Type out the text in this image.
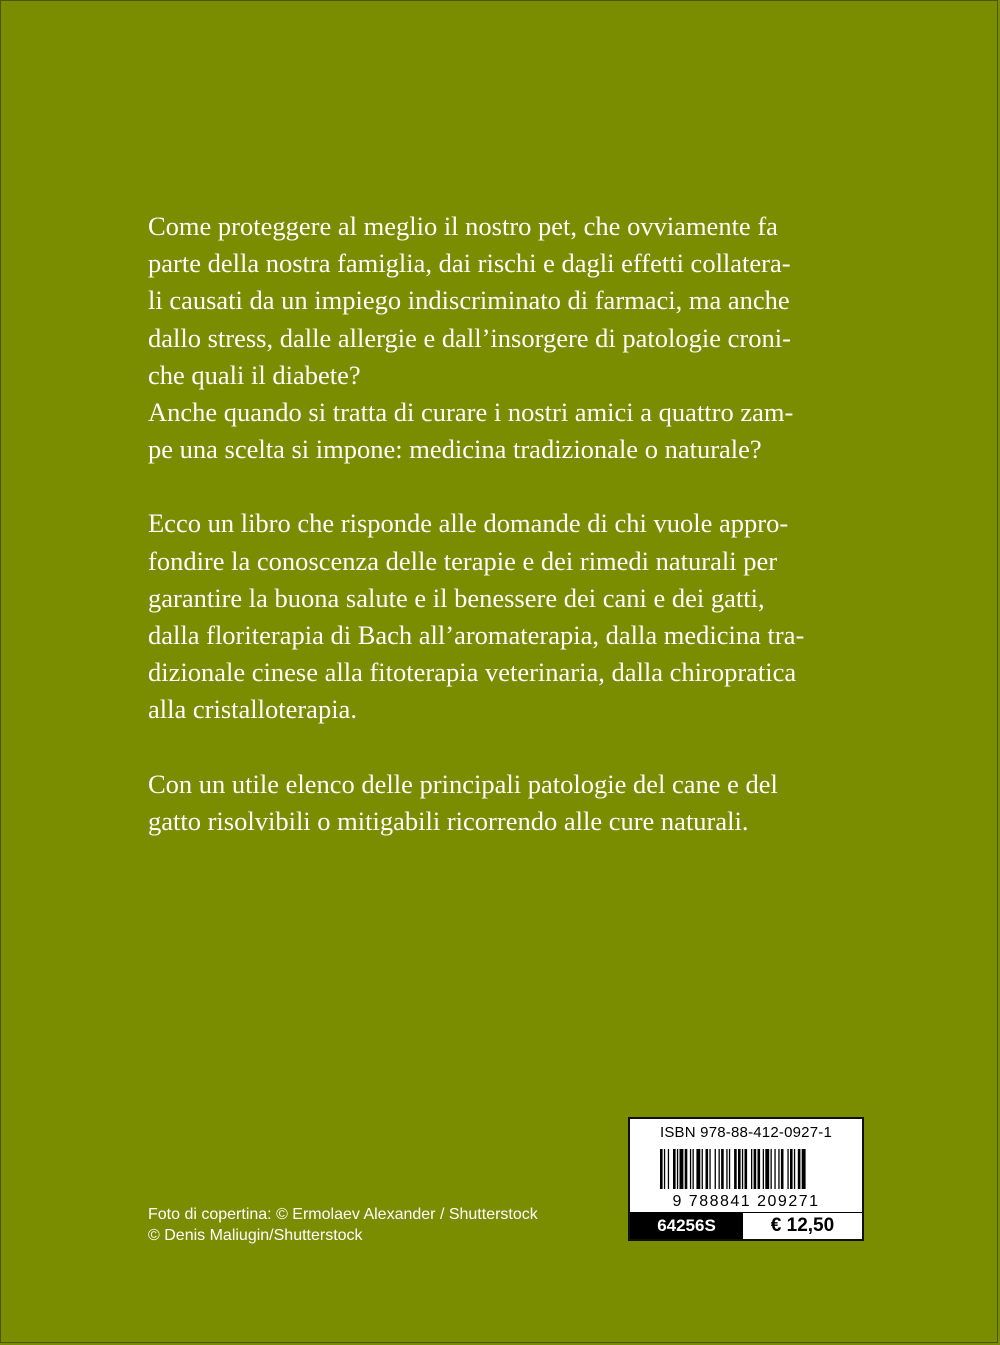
Come proteggere al meglio il nostro pet, che ovviamente fa

parte della nostra famiglia, dai rischi e dagli effetti collatera-

li causati da un impiego indiscriminato di farmaci, ma anche

dallo stress, dalle allergie e dall’insorgere di patologie croni-

che quali il diabete?

Anche quando si tratta di curare i nostri amici a quattro zam-

pe una scelta si impone: medicina tradizionale o naturale?

Ecco un libro che risponde alle domande di chi vuole appro-

fondire la conoscenza delle terapie e dei rimedi naturali per

garantire la buona salute e il benessere dei cani e dei gatti,

dalla floriterapia di Bach all’aromaterapia, dalla medicina tra-

dizionale cinese alla fitoterapia veterinaria, dalla chiropratica

alla cristalloterapia.

Con un utile elenco delle principali patologie del cane e del

gatto risolvibili o mitigabili ricorrendo alle cure naturali.

Foto di copertina: © Ermolaev Alexander / Shutterstock
© Denis Maliugin/Shutterstock
ISBN 978-88-412-0927-1
9 788841 209271
64256S	€ 12,50
